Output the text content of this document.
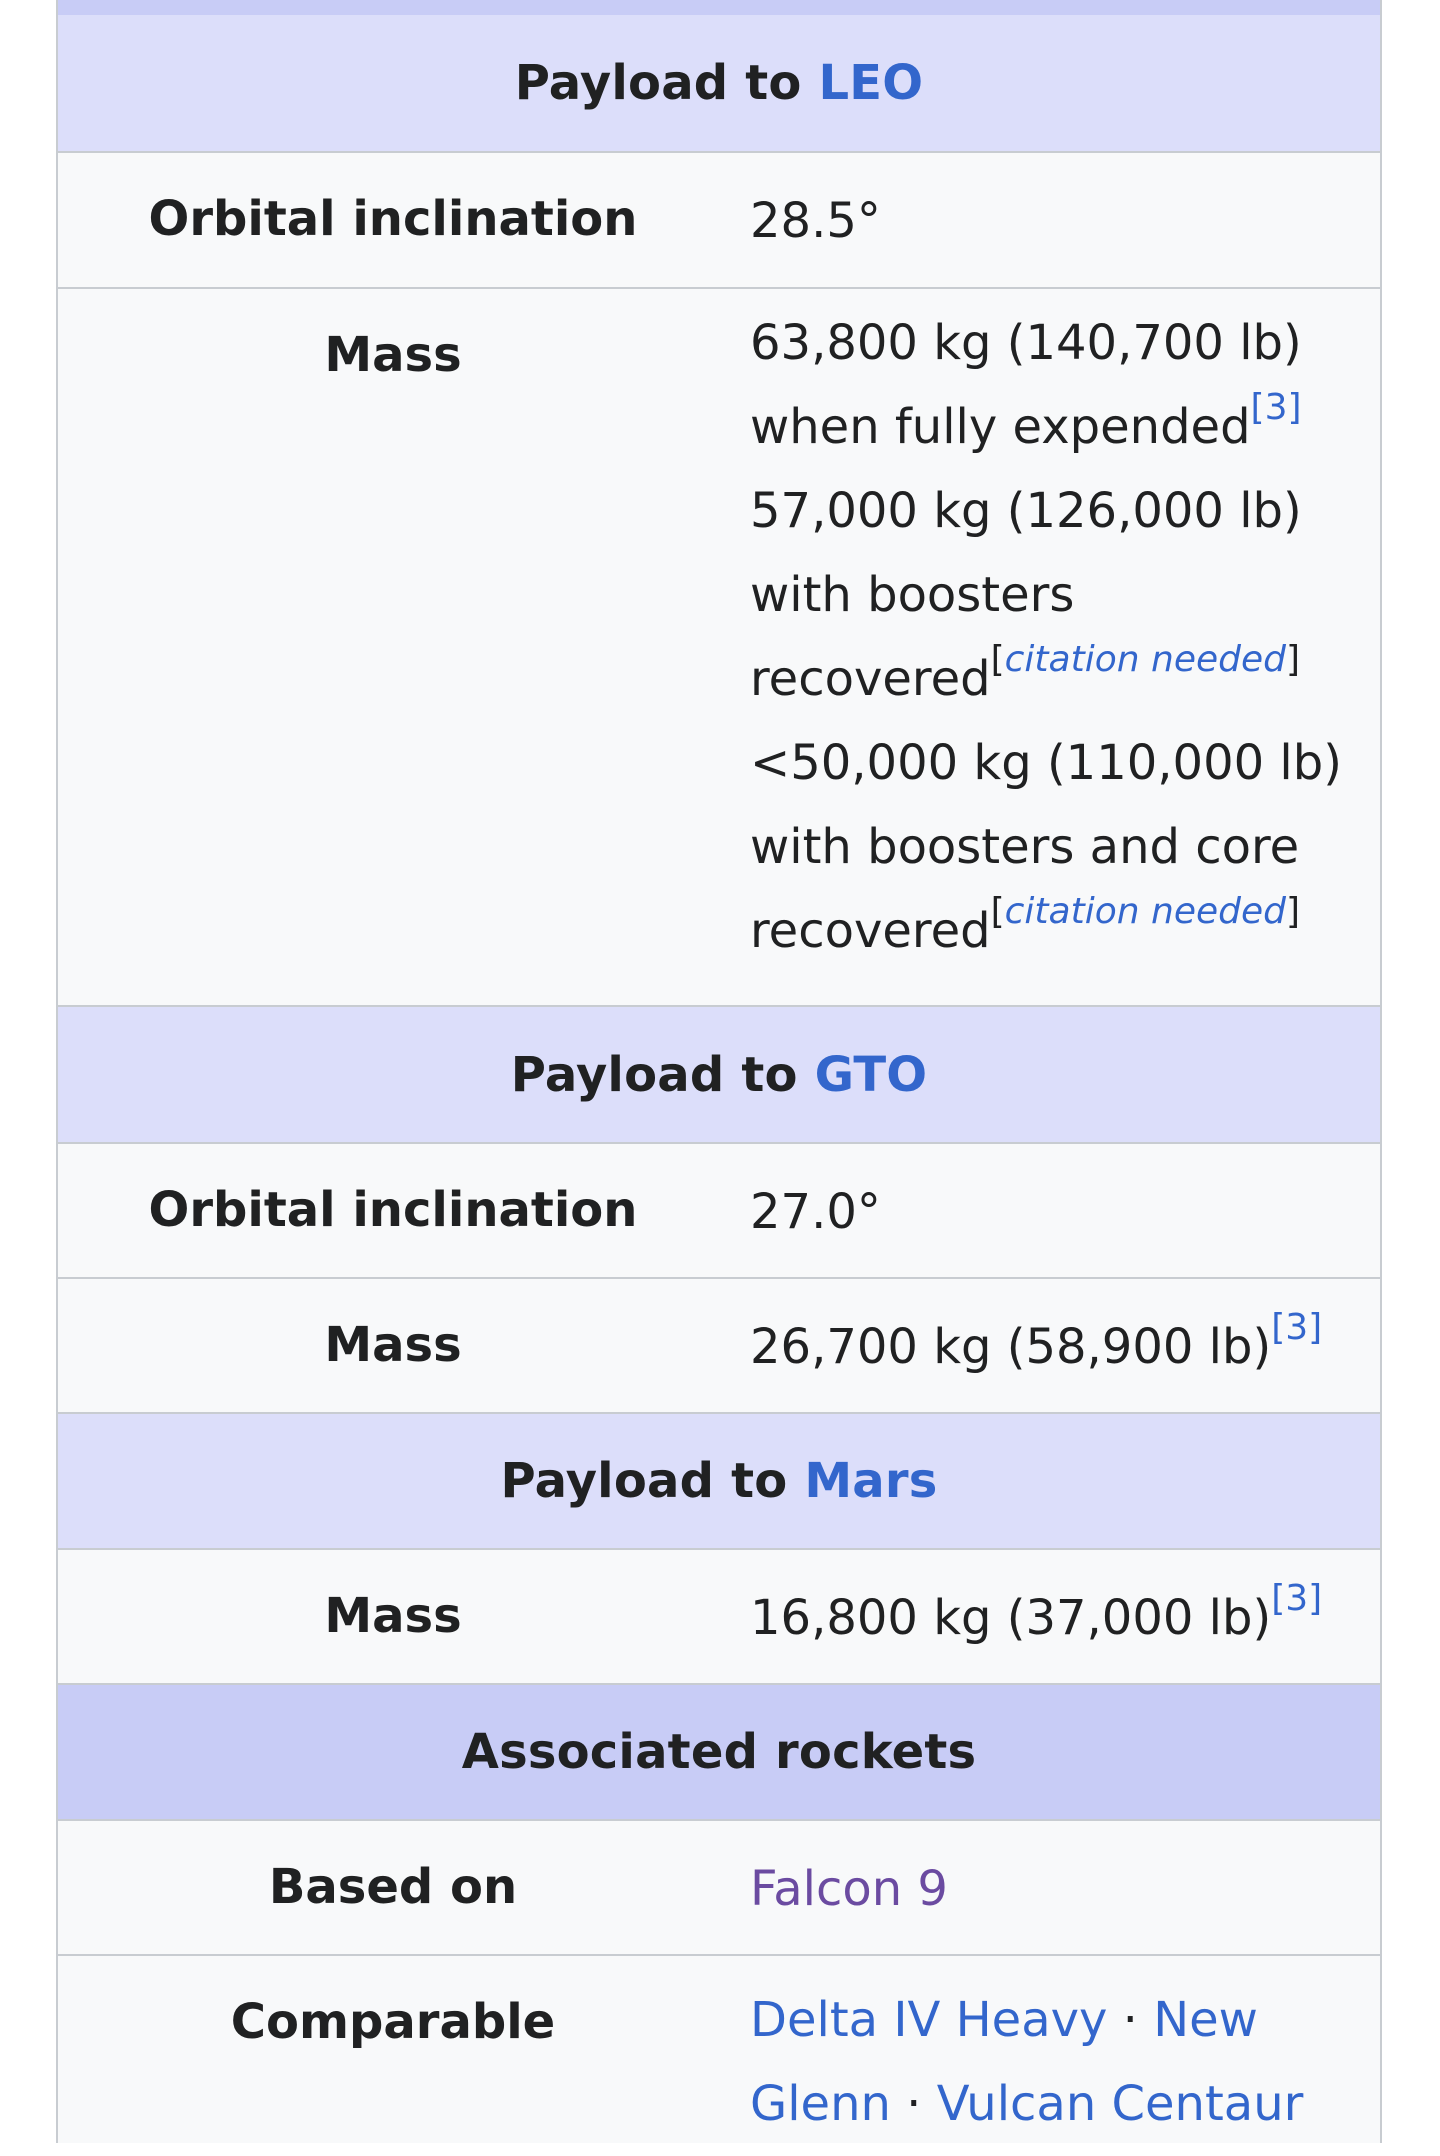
Payload to
LEO
Orbital inclination	28.5°
Mass	63,800 kg (140,700 lb)
when fully expended[3]
57,000 kg (126,000 lb)
with boosters
recovered[citation needed]
<50,000 kg (110,000 lb)
with boosters and core
recovered[citation needed]
Payload to
GTO
Orbital inclination	27.0°
Mass	26,700 kg (58,900 lb)[3]
Payload to
Mars
Mass	16,800 kg (37,000 lb)[3]
Associated rockets
Based on	Falcon 9
Comparable	Delta IV Heavy · New
Glenn · Vulcan Centaur
